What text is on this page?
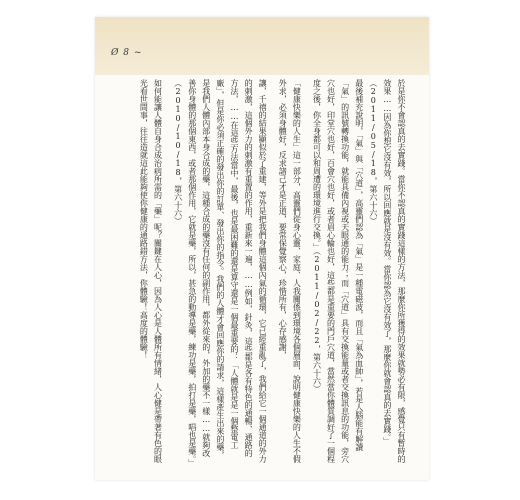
Ø 8 ~

於是你不會認真的去實踐。當你不認真的實踐這樣的方法，那麼你所獲得的效果就勢必有限，感覺只有暫時的效果……因為你想它沒有效，所以回應就是沒有效。當你認為它沒有效了，那麼你就會認真的去實踐。」（2011/05/18，第六十六）

最後補充說明，「氣」與「穴道」，高靈們認為「氣」是一種電磁波，而且「氣為血帥」，若是人腦能有解讀「氣」的訊號轉換功能，就能具備內視或天眼通的能力；而「穴道」具有交換能量或者交換訊息的功能，旁穴穴也好，印堂穴也好，百會穴也好，或者眉心輪也好，這些都是重要的門戶穴道，當然當你體質調好了一個程度之後，你全身都可以和周遭的環境進行交換。」（2011/02/22，第六十六）

「健康快樂的人生」這一部分，高靈們從身心靈、家庭、人我關係到環境各個層面，說明健康快樂的人生不假外求，必須身體好，反求諸己才是正道，要常保覺察心，珍惜所有，心存感謝，

讓，千禧的結果顯似於了重建，等外是把我們身體這個內氣的循環，它已經重亂了，我們給它一個通道的外力的刺激，這個外力的刺激有重置的作用，重新來一遍，……例如，針灸，這些都是各有特色的通暢、通路的方法，……在這些方法當中，最後，也是最困難的還是算守還是一個最重要的：「人體就是是一個整電工廠」，但是你必須正確的發出你的訂單、發出你的指令。我們的人體才會回應你的請求，這樣產生出來的藥，是我們人體內部本身合成的藥，這種合成的藥沒有任何的副作用，都外從來的，外加的藥不一樣……就夠改善你身體的那個東西，或者那個作用，它就是藥，所以，甚急的動導是藥，練功是藥，拍打是藥，唱也是藥。」（2010/10/18，第六十六）

如何能讓人體自身合成治病所需的「藥」呢？關鍵在人心，因為人心是人體所有情緒，人心健是帶著有色的眼光看世間事，往往造就這此能夠使你健康的通路錯方法，你體驗！高度的體驗！
